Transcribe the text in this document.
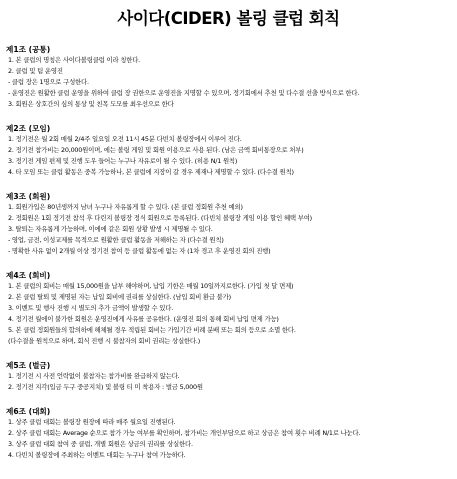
사이다(CIDER) 볼링 클럽 회칙
제1조 (공통)
1. 본 클럽의 명칭은 사이다볼링클럽 이라 칭한다.
2. 클럽 및 팀 운영진
- 클럽 장은 1명으로 구성한다.
- 운영진은 원활한 클럽 운영을 위하여 클럽 장 권한으로 운영진을 지명할 수 있으며, 정기회에서 추천 및 다수결 선출 방식으로 한다.
3. 회원은 상호간의 심의 통상 및 친목 도모를 최우선으로 한다
제2조 (모임)
1. 정기전은 월 2회 매월 2/4주 일요일 오전 11시 45분 다빈치 볼링장에서 이루어 진다.
2. 정기전 참가비는 20,000원이며, 에는 볼링 게임 및 회원 이용으로 사용 된다. (남은 금액 회비통장으로 처부)
3. 정기전 게임 편제 및 진행 도우 들어는 누구나 자유로이 될 수 있다. (히용 N/1 원칙)
4. 타 모임 또는 클럽 활동은 중복 가능하나, 본 클럽에 지장이 갈 경우 제재나 제명할 수 있다. (다수결 원칙)
제3조 (회원)
1. 회원가입은 80년생까지 남녀 누구나 자유롭게 할 수 있다. (본 클럽 정회원 추천 예외)
2. 정회원은 1회 정기전 참석 후 다린지 볼링장 정식 회원으로 등록된다. (다빈치 볼링장 게임 이용 할인 혜택 부여)
3. 탈퇴는 자유롭게 가능하며, 이에에 같은 회원 상황 발생 시 제명될 수 있다.
- 영업, 금전, 이성교제를 목적으로 원활한 클럽 활동을 저해하는 자 (다수결 원칙)
- 명확한 사유 없이 2개월 이상 정기전 참여 등 클럽 활동에 없는 자 (1차 경고 후 운영진 회의 진행)
제4조 (회비)
1. 본 클럽의 회비는 매월 15,000원을 납부 해야하며, 납입 기한은 매월 10일까지로한다. (가입 첫 달 면제)
2. 본 클럽 탈퇴 및 제명된 자는 납입 회비에 권리를 상실한다. (남입 회비 환급 불가)
3. 이벤트 및 행사 진행 시 별도의 추가 금액이 발생할 수 있다.
4. 정기전 월에이 불가한 회원은 운영진에게 사유를 공유한다. (운영진 회의 통해 회비 납입 면제 가능)
5. 본 클럽 정회원들의 합의하에 해체될 경우 적립된 회비는 가입기간 비례 분배 또는 회의 등으로 소멸 한다.
(다수결을 원칙으로 하며, 회식 진행 시 불참자의 회비 권리는 상실한다.)
제5조 (벌금)
1. 정기전 시 사전 언락없이 불참자는 참가비를 완급하지 않는다.
2. 정기전 지각(입금 두구 중공지치) 및 볼링 티 미 착용자 : 벌금 5,000원
제6조 (대회)
1. 상주 클럽 대회는 볼링장 원장에 따라 매주 월요일 진행된다.
2. 상주 클럽 대회는 Average 순으로 참가 가능 여부를 확인하며, 참가비는 개인부담으로 하고 상금은 참여 횟수 비례 N/1로 나눈다.
3. 상주 클럽 대회 참여 중 클럽, 개별 회원은 상금의 권리를 상실한다.
4. 다빈치 볼링장에 주최하는 이벤트 대회는 누구나 참여 가능하다.
